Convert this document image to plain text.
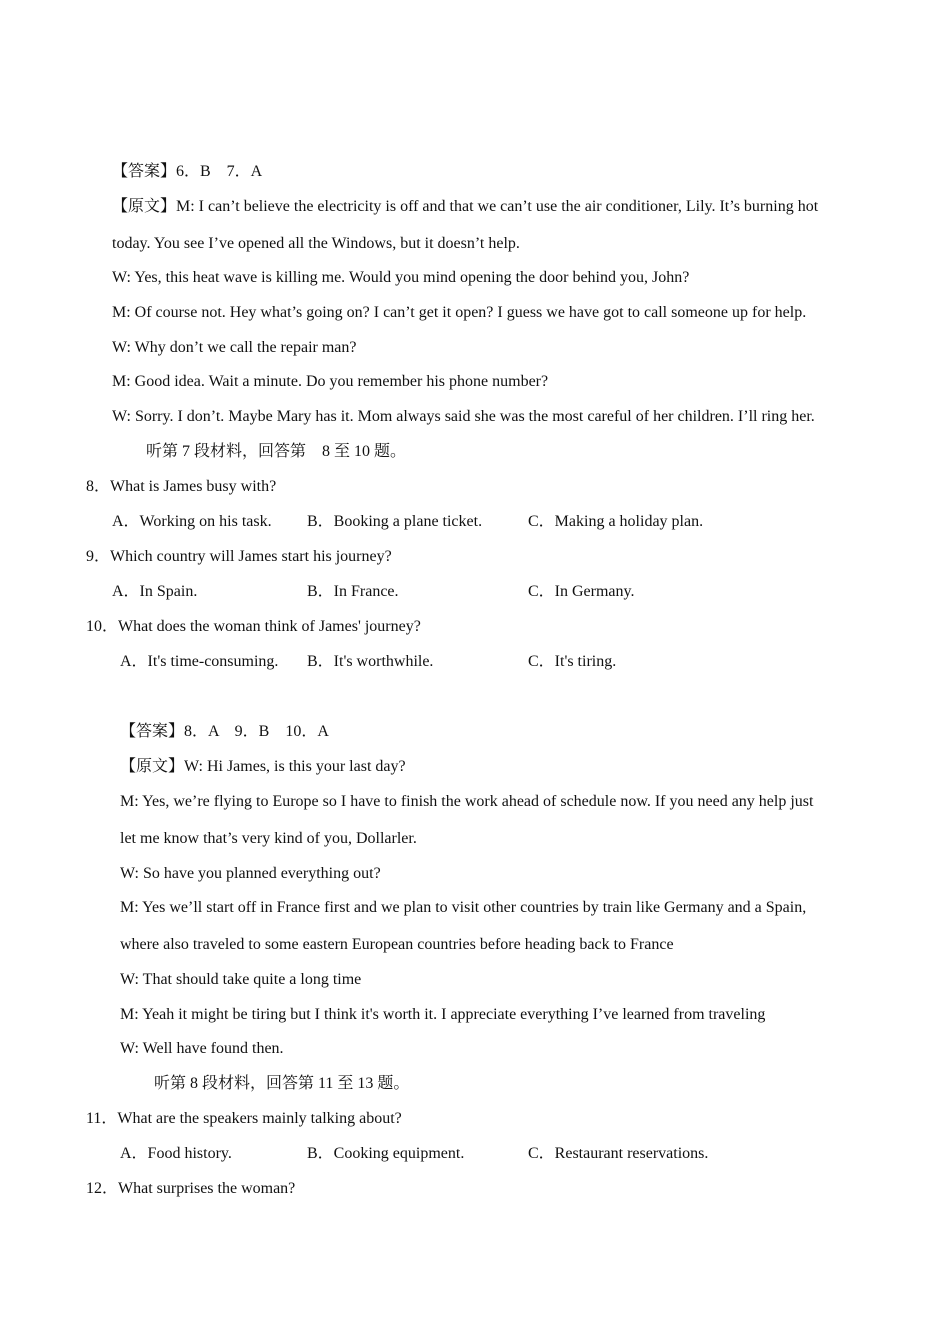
【答案】6．B　7．A
【原文】M: I can’t believe the electricity is off and that we can’t use the air conditioner, Lily. It’s burning hot
today. You see I’ve opened all the Windows, but it doesn’t help.
W: Yes, this heat wave is killing me. Would you mind opening the door behind you, John?
M: Of course not. Hey what’s going on? I can’t get it open? I guess we have got to call someone up for help.
W: Why don’t we call the repair man?
M: Good idea. Wait a minute. Do you remember his phone number?
W: Sorry. I don’t. Maybe Mary has it. Mom always said she was the most careful of her children. I’ll ring her.
听第 7 段材料，回答第　8 至 10 题。
8．What is James busy with?
A．Working on his task. B．Booking a plane ticket.	C．Making a holiday plan.
9．Which country will James start his journey?
A．In Spain.	B．In France.	C．In Germany.
10．What does the woman think of James' journey?
A．It's time-consuming. B．It's worthwhile.	C．It's tiring.
【答案】8．A　9．B　10．A
【原文】W: Hi James, is this your last day?
M: Yes, we’re flying to Europe so I have to finish the work ahead of schedule now. If you need any help just
let me know that’s very kind of you, Dollarler.
W: So have you planned everything out?
M: Yes we’ll start off in France first and we plan to visit other countries by train like Germany and a Spain,
where also traveled to some eastern European countries before heading back to France
W: That should take quite a long time
M: Yeah it might be tiring but I think it's worth it. I appreciate everything I’ve learned from traveling
W: Well have found then.
听第 8 段材料，回答第 11 至 13 题。
11．What are the speakers mainly talking about?
A．Food history.	B．Cooking equipment.	C．Restaurant reservations.
12．What surprises the woman?
